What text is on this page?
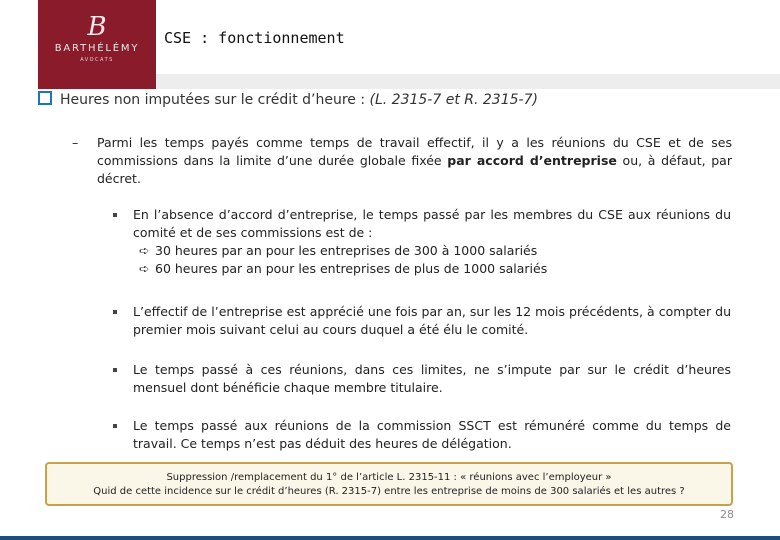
B
BARTHÉLÉMY
AVOCATS
CSE : fonctionnement
Heures non imputées sur le crédit d’heure : (L. 2315-7 et R. 2315-7)
– Parmi les temps payés comme temps de travail effectif, il y a les réunions du CSE et de ses commissions dans la limite d’une durée globale fixée par accord d’entreprise ou, à défaut, par décret.
En l’absence d’accord d’entreprise, le temps passé par les membres du CSE aux réunions du comité et de ses commissions est de :
➪ 30 heures par an pour les entreprises de 300 à 1000 salariés
➪ 60 heures par an pour les entreprises de plus de 1000 salariés
L’effectif de l’entreprise est apprécié une fois par an, sur les 12 mois précédents, à compter du premier mois suivant celui au cours duquel a été élu le comité.
Le temps passé à ces réunions, dans ces limites, ne s’impute par sur le crédit d’heures mensuel dont bénéficie chaque membre titulaire.
Le temps passé aux réunions de la commission SSCT est rémunéré comme du temps de travail. Ce temps n’est pas déduit des heures de délégation.
Suppression /remplacement du 1° de l’article L. 2315-11 : « réunions avec l’employeur »
Quid de cette incidence sur le crédit d’heures (R. 2315-7) entre les entreprise de moins de 300 salariés et les autres ?
28
